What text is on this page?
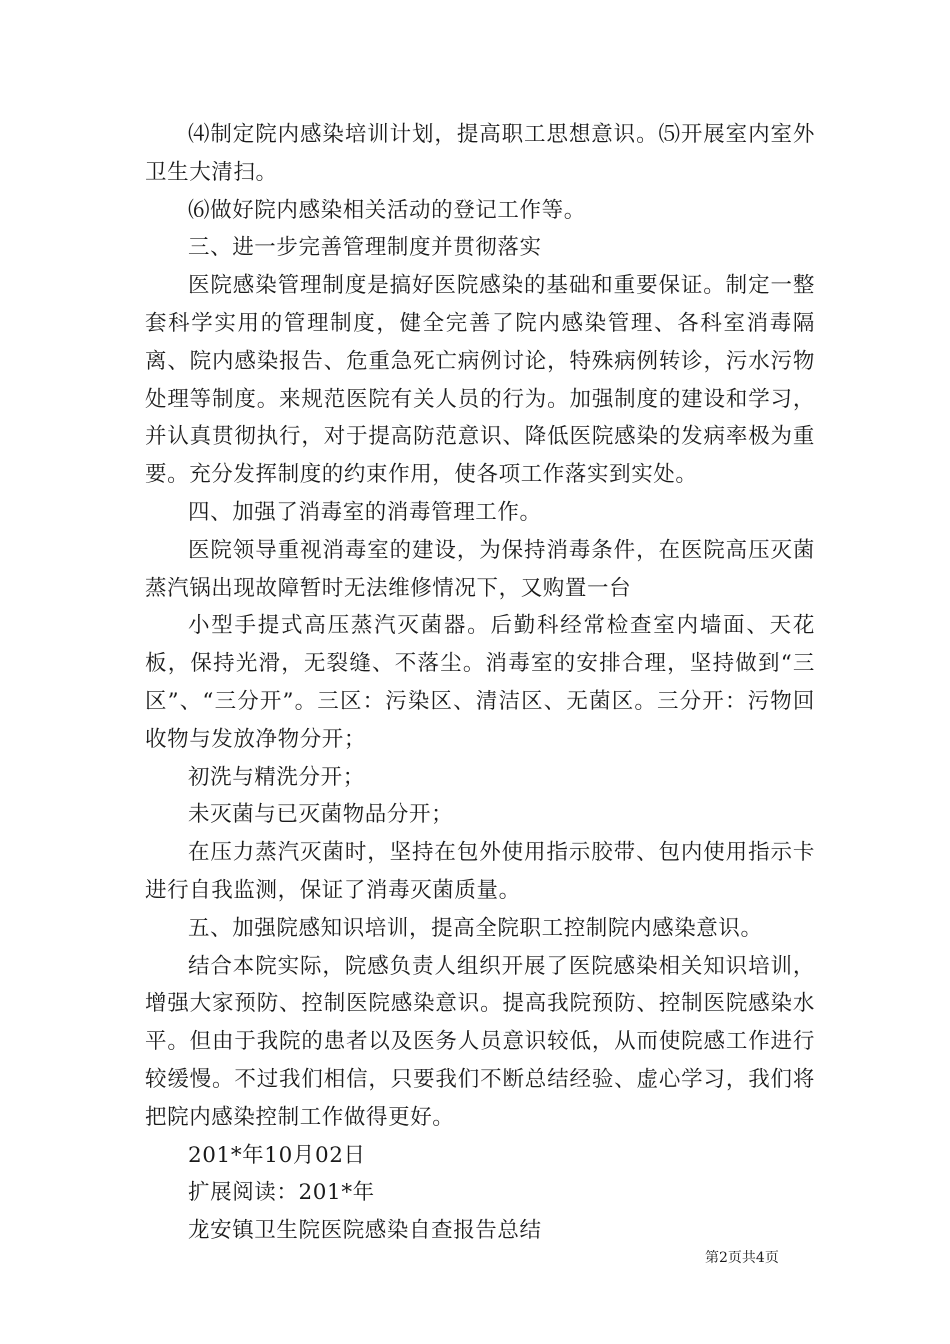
⑷制定院内感染培训计划，提高职工思想意识。⑸开展室内室外卫生大清扫。

⑹做好院内感染相关活动的登记工作等。

三、进一步完善管理制度并贯彻落实

医院感染管理制度是搞好医院感染的基础和重要保证。制定一整套科学实用的管理制度，健全完善了院内感染管理、各科室消毒隔离、院内感染报告、危重急死亡病例讨论，特殊病例转诊，污水污物处理等制度。来规范医院有关人员的行为。加强制度的建设和学习，并认真贯彻执行，对于提高防范意识、降低医院感染的发病率极为重要。充分发挥制度的约束作用，使各项工作落实到实处。

四、加强了消毒室的消毒管理工作。

医院领导重视消毒室的建设，为保持消毒条件，在医院高压灭菌蒸汽锅出现故障暂时无法维修情况下，又购置一台

小型手提式高压蒸汽灭菌器。后勤科经常检查室内墙面、天花板，保持光滑，无裂缝、不落尘。消毒室的安排合理，坚持做到“三区”、“三分开”。三区：污染区、清洁区、无菌区。三分开：污物回收物与发放净物分开；

初洗与精洗分开；

未灭菌与已灭菌物品分开；

在压力蒸汽灭菌时，坚持在包外使用指示胶带、包内使用指示卡进行自我监测，保证了消毒灭菌质量。

五、加强院感知识培训，提高全院职工控制院内感染意识。

结合本院实际，院感负责人组织开展了医院感染相关知识培训，增强大家预防、控制医院感染意识。提高我院预防、控制医院感染水平。但由于我院的患者以及医务人员意识较低，从而使院感工作进行较缓慢。不过我们相信，只要我们不断总结经验、虚心学习，我们将把院内感染控制工作做得更好。

201*年10月02日

扩展阅读：201*年

龙安镇卫生院医院感染自查报告总结

第2页共4页
